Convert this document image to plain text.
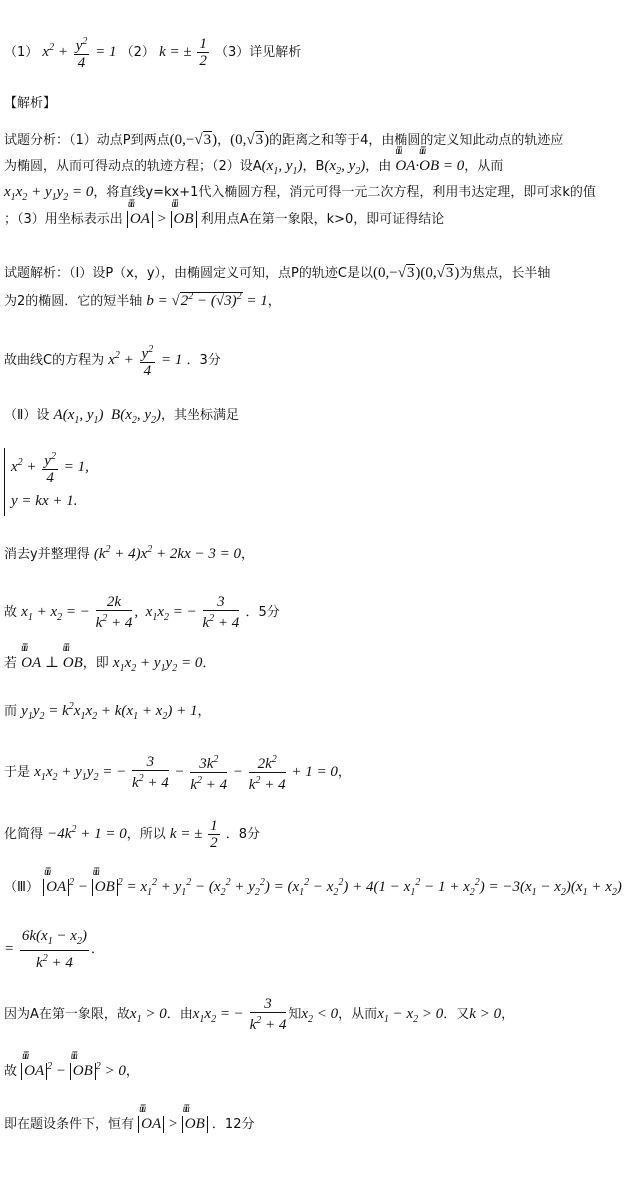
（1） $x^2 + \frac{y^2}{4} = 1$ （2） k = ± $\frac{1}{2} (3)$详见解析
【解析】
试题分析：（1）动点P到两点(0,−√3)，(0,√3)的距离之和等于4，由椭圆的定义知此动点的轨迹应
为椭圆，从而可得动点的轨迹方程；（2）设$A(x_1$, $y_1$)，$B(x_2$, $y_2$)，由 ǖǖ OA·ǖǖ OB = 0，从而
$x_1x_2 + y_1y_2 = 0$，将直线y=kx+1代入椭圆方程，消元可得一元二次方程，利用韦达定理，即可求k的值
；（3）用坐标表示出 ǖǖ OA > ǖǖ OB 利用点A在第一象限，k>0，即可证得结论
试题解析：（Ⅰ）设P（x，y），由椭圆定义可知，点P的轨迹C是以(0,−√3)(0,√3)为焦点，长半轴
为2的椭圆．它的短半轴 $b = √2^2 - (√3)^2 = 1$，
故曲线C的方程为 $x^2 + \frac{y^2}{4} = 1$ ．3分
（Ⅱ）设 $A(x_1$, $y_1$)  $B(x_2$, $y_2$)，其坐标满足
$x^2 + \frac{y^2}{4} = 1$,
y = kx + 1.
消去y并整理得 $(k^2 + 4)x^2 + 2kx - 3 = 0$，
故 $x_1 + x_2$ = − $\frac{2k}{k^2 + 4}$ ,  $x_1x_2$ = − $\frac{3}{k^2 + 4}$ ．5分
若 ǖǖ OA ⊥ ǖǖ OB，即 $x_1x_2 + y_1y_2 = 0$．
而 $y_1y_2 = k^2x_1x_2 + k(x_1 + x_2) + 1$，
于是 $x_1x_2 + y_1y_2$ = − $\frac{3}{k^2 + 4} - \frac{3k^2}{k^2 + 4} - \frac{2k^2}{k^2 + 4} + 1 = 0$，
化简得 $-4k^2 + 1 = 0$，所以 k = ± $\frac{1}{2}$ ．8分
（Ⅲ） ǖǖ OA $^2$ − ǖǖ OB $^2 = x_1^2 + y_1^2 - (x_2^2 + y_2^2) = (x_1^2 - x_2^2) + 4(1 - x_1^2 - 1 + x_2^2) = -3(x_1 - x_2)(x_1 + x_2)$
= $\frac{6k(x_1 - x_2)}{k^2 + 4}$ ．
因为A在第一象限，故$x_1 > 0$．由$x_1x_2$ = − $\frac{3}{k^2 + 4}$ 知$x_2 < 0$，从而$x_1 - x_2 > 0$．又k > 0，
故 ǖǖ OA $^2$ − ǖǖ OB $^2$ > 0，
即在题设条件下，恒有 ǖǖ OA > ǖǖ OB ．12分
